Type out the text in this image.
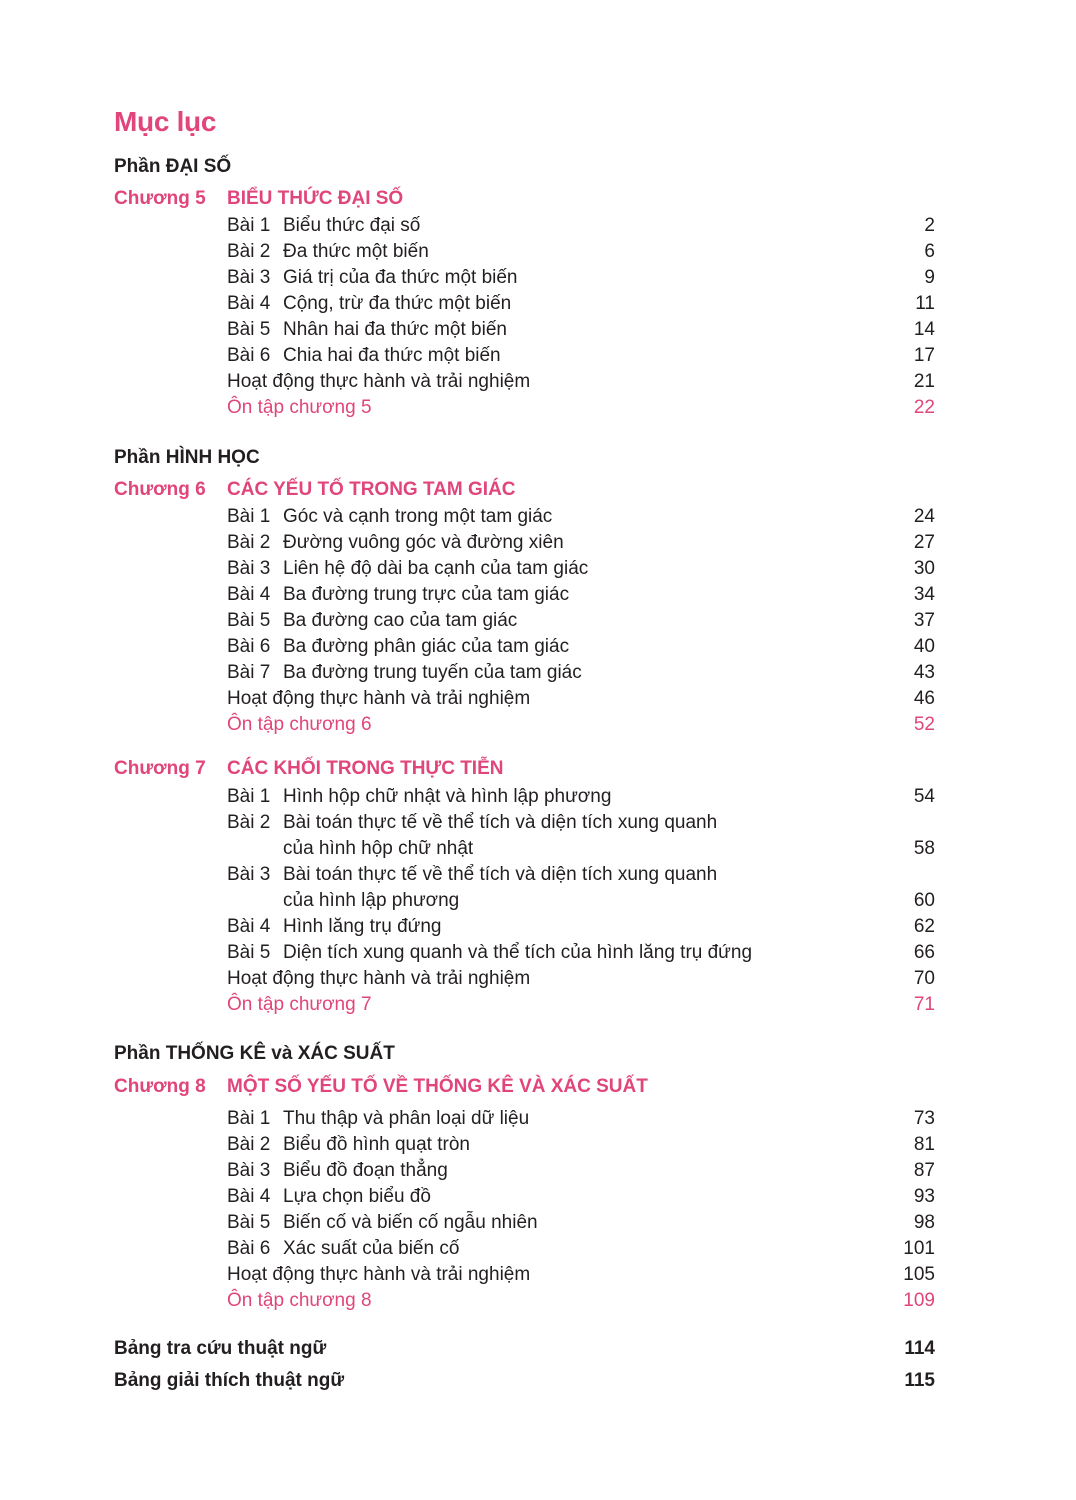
Mục lục
Phần ĐẠI SỐ
Chương 5 BIỂU THỨC ĐẠI SỐ
Bài 1 Biểu thức đại số	2
Bài 2 Đa thức một biến	6
Bài 3 Giá trị của đa thức một biến	9
Bài 4 Cộng, trừ đa thức một biến	11
Bài 5 Nhân hai đa thức một biến	14
Bài 6 Chia hai đa thức một biến	17
Hoạt động thực hành và trải nghiệm	21
Ôn tập chương 5	22
Phần HÌNH HỌC
Chương 6 CÁC YẾU TỐ TRONG TAM GIÁC
Bài 1 Góc và cạnh trong một tam giác	24
Bài 2 Đường vuông góc và đường xiên	27
Bài 3 Liên hệ độ dài ba cạnh của tam giác	30
Bài 4 Ba đường trung trực của tam giác	34
Bài 5 Ba đường cao của tam giác	37
Bài 6 Ba đường phân giác của tam giác	40
Bài 7 Ba đường trung tuyến của tam giác	43
Hoạt động thực hành và trải nghiệm	46
Ôn tập chương 6	52
Chương 7 CÁC KHỐI TRONG THỰC TIỄN
Bài 1 Hình hộp chữ nhật và hình lập phương	54
Bài 2 Bài toán thực tế về thể tích và diện tích xung quanh
của hình hộp chữ nhật	58
Bài 3 Bài toán thực tế về thể tích và diện tích xung quanh
của hình lập phương	60
Bài 4 Hình lăng trụ đứng	62
Bài 5 Diện tích xung quanh và thể tích của hình lăng trụ đứng	66
Hoạt động thực hành và trải nghiệm	70
Ôn tập chương 7	71
Phần THỐNG KÊ và XÁC SUẤT
Chương 8 MỘT SỐ YẾU TỐ VỀ THỐNG KÊ VÀ XÁC SUẤT
Bài 1 Thu thập và phân loại dữ liệu	73
Bài 2 Biểu đồ hình quạt tròn	81
Bài 3 Biểu đồ đoạn thẳng	87
Bài 4 Lựa chọn biểu đồ	93
Bài 5 Biến cố và biến cố ngẫu nhiên	98
Bài 6 Xác suất của biến cố	101
Hoạt động thực hành và trải nghiệm	105
Ôn tập chương 8	109
Bảng tra cứu thuật ngữ	114
Bảng giải thích thuật ngữ	115
